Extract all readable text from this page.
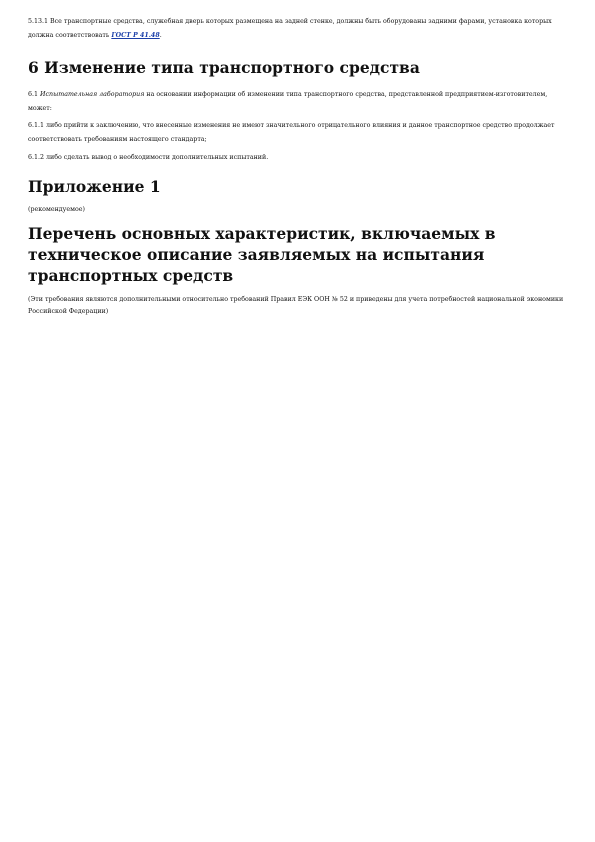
5.13.1 Все транспортные средства, служебная дверь которых размещена на задней стенке, должны быть оборудованы задними фарами, установка которых должна соответствовать ГОСТ Р 41.48.

6 Изменение типа транспортного средства

6.1 Испытательная лаборатория на основании информации об изменении типа транспортного средства, представленной предприятием-изготовителем, может:

6.1.1 либо прийти к заключению, что внесенные изменения не имеют значительного отрицательного влияния и данное транспортное средство продолжает соответствовать требованиям настоящего стандарта;

6.1.2 либо сделать вывод о необходимости дополнительных испытаний.

Приложение 1

(рекомендуемое)

Перечень основных характеристик, включаемых в техническое описание заявляемых на испытания транспортных средств

(Эти требования являются дополнительными относительно требований Правил ЕЭК ООН № 52 и приведены для учета потребностей национальной экономики Российской Федерации)
